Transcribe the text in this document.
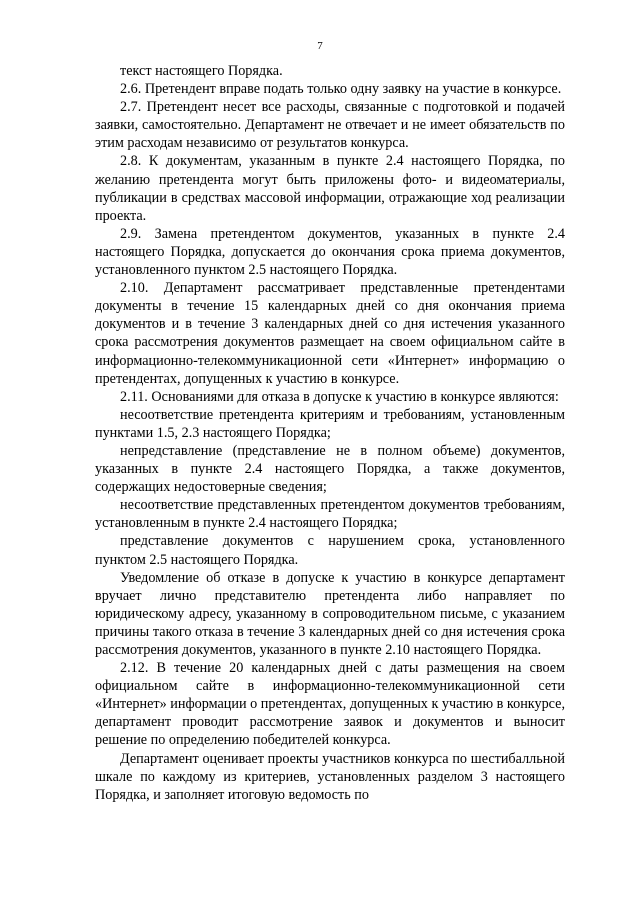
7

текст настоящего Порядка.

2.6. Претендент вправе подать только одну заявку на участие в конкурсе.

2.7. Претендент несет все расходы, связанные с подготовкой и подачей заявки, самостоятельно. Департамент не отвечает и не имеет обязательств по этим расходам независимо от результатов конкурса.

2.8. К документам, указанным в пункте 2.4 настоящего Порядка, по желанию претендента могут быть приложены фото- и видеоматериалы, публикации в средствах массовой информации, отражающие ход реализации проекта.

2.9. Замена претендентом документов, указанных в пункте 2.4 настоящего Порядка, допускается до окончания срока приема документов, установленного пунктом 2.5 настоящего Порядка.

2.10. Департамент рассматривает представленные претендентами документы в течение 15 календарных дней со дня окончания приема документов и в течение 3 календарных дней со дня истечения указанного срока рассмотрения документов размещает на своем официальном сайте в информационно-телекоммуникационной сети «Интернет» информацию о претендентах, допущенных к участию в конкурсе.

2.11. Основаниями для отказа в допуске к участию в конкурсе являются:

несоответствие претендента критериям и требованиям, установленным пунктами 1.5, 2.3 настоящего Порядка;

непредставление (представление не в полном объеме) документов, указанных в пункте 2.4 настоящего Порядка, а также документов, содержащих недостоверные сведения;

несоответствие представленных претендентом документов требованиям, установленным в пункте 2.4 настоящего Порядка;

представление документов с нарушением срока, установленного пунктом 2.5 настоящего Порядка.

Уведомление об отказе в допуске к участию в конкурсе департамент вручает лично представителю претендента либо направляет по юридическому адресу, указанному в сопроводительном письме, с указанием причины такого отказа в течение 3 календарных дней со дня истечения срока рассмотрения документов, указанного в пункте 2.10 настоящего Порядка.

2.12. В течение 20 календарных дней с даты размещения на своем официальном сайте в информационно-телекоммуникационной сети «Интернет» информации о претендентах, допущенных к участию в конкурсе, департамент проводит рассмотрение заявок и документов и выносит решение по определению победителей конкурса.

Департамент оценивает проекты участников конкурса по шестибалльной шкале по каждому из критериев, установленных разделом 3 настоящего Порядка, и заполняет итоговую ведомость по
